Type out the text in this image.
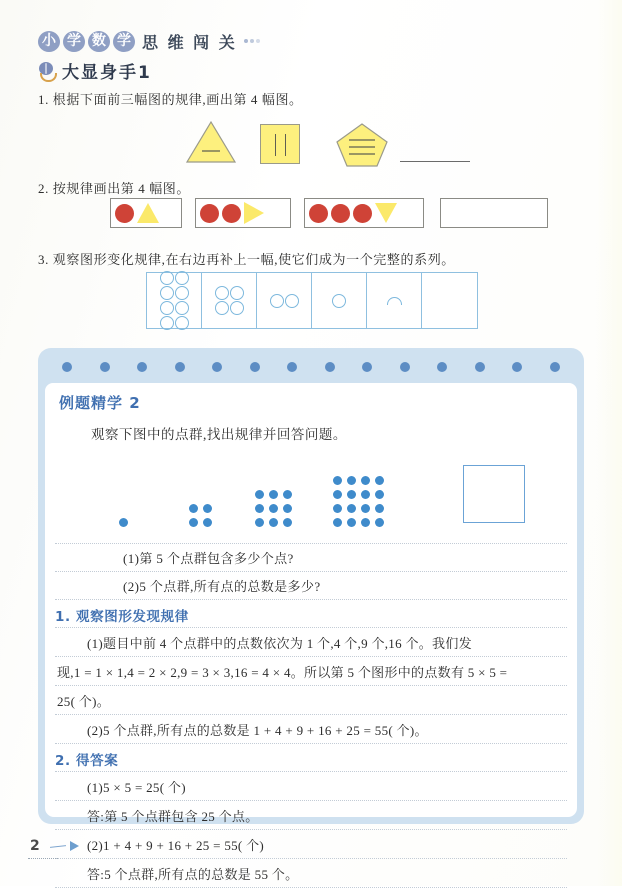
小 学 数 学 思 维 闯 关
大显身手1
1. 根据下面前三幅图的规律,画出第 4 幅图。
2. 按规律画出第 4 幅图。
3. 观察图形变化规律,在右边再补上一幅,使它们成为一个完整的系列。
例题精学 2
观察下图中的点群,找出规律并回答问题。
(1)第 5 个点群包含多少个点?
(2)5 个点群,所有点的总数是多少?
1. 观察图形发现规律
(1)题目中前 4 个点群中的点数依次为 1 个,4 个,9 个,16 个。我们发
现,1 = 1 × 1,4 = 2 × 2,9 = 3 × 3,16 = 4 × 4。所以第 5 个图形中的点数有 5 × 5 =
25( 个)。
(2)5 个点群,所有点的总数是 1 + 4 + 9 + 16 + 25 = 55( 个)。
2. 得答案
(1)5 × 5 = 25( 个)
答:第 5 个点群包含 25 个点。
(2)1 + 4 + 9 + 16 + 25 = 55( 个)
答:5 个点群,所有点的总数是 55 个。
2
